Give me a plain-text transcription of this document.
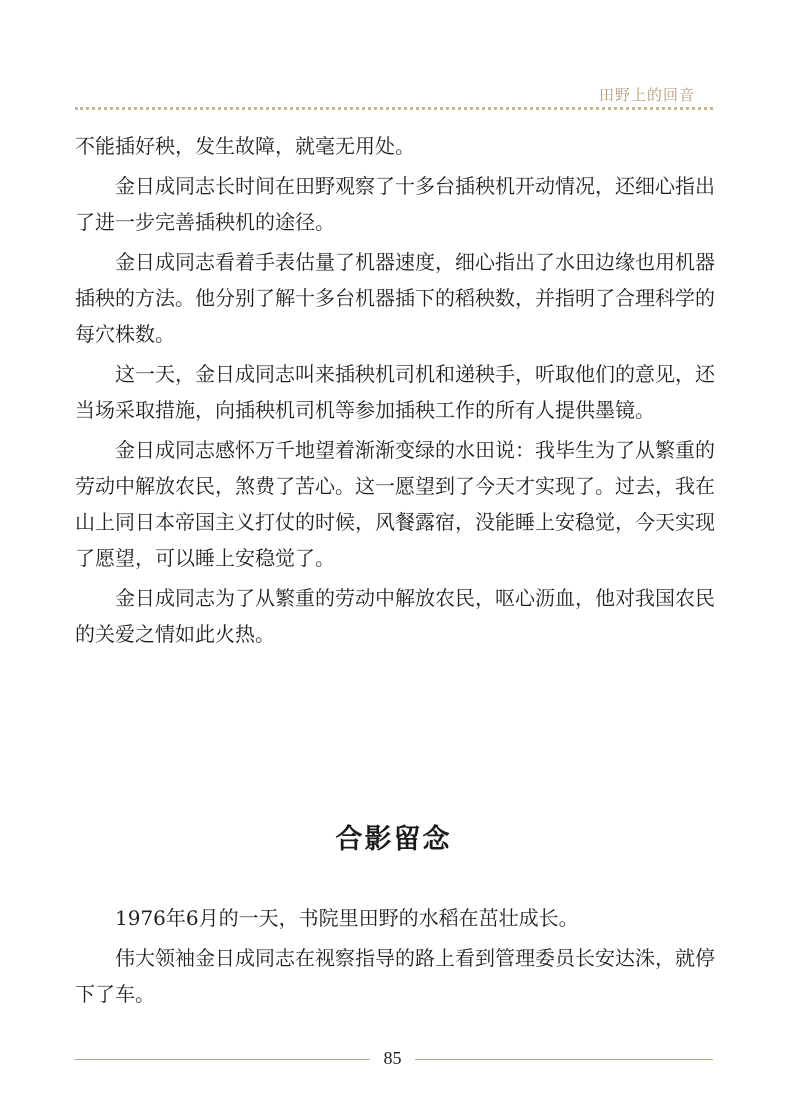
田野上的回音

不能插好秧，发生故障，就毫无用处。

金日成同志长时间在田野观察了十多台插秧机开动情况，还细心指出了进一步完善插秧机的途径。

金日成同志看着手表估量了机器速度，细心指出了水田边缘也用机器插秧的方法。他分别了解十多台机器插下的稻秧数，并指明了合理科学的每穴株数。

这一天，金日成同志叫来插秧机司机和递秧手，听取他们的意见，还当场采取措施，向插秧机司机等参加插秧工作的所有人提供墨镜。

金日成同志感怀万千地望着渐渐变绿的水田说：我毕生为了从繁重的劳动中解放农民，煞费了苦心。这一愿望到了今天才实现了。过去，我在山上同日本帝国主义打仗的时候，风餐露宿，没能睡上安稳觉，今天实现了愿望，可以睡上安稳觉了。

金日成同志为了从繁重的劳动中解放农民，呕心沥血，他对我国农民的关爱之情如此火热。

合影留念

1976年6月的一天，书院里田野的水稻在茁壮成长。

伟大领袖金日成同志在视察指导的路上看到管理委员长安达洙，就停下了车。

85
